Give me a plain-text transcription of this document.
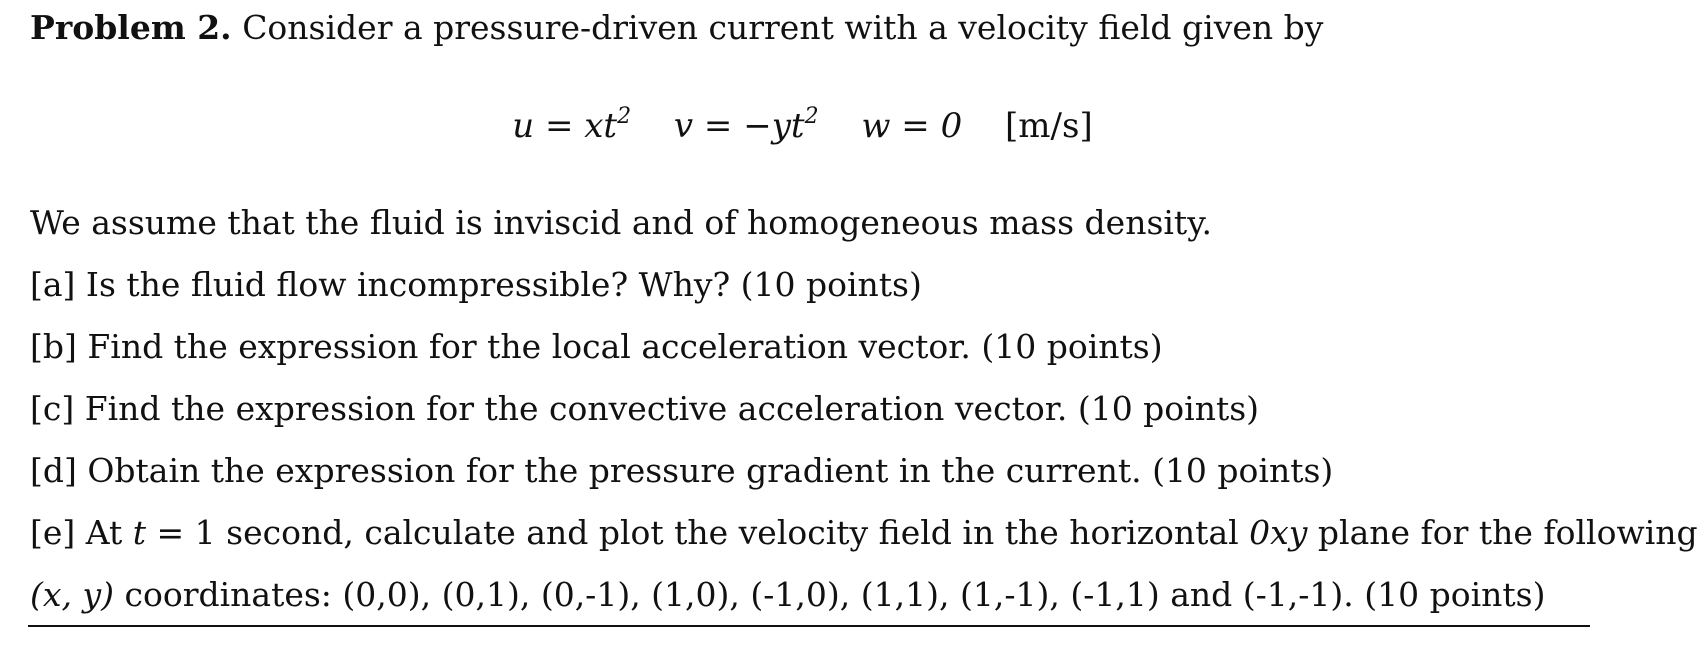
Problem 2. Consider a pressure-driven current with a velocity field given by
$u = xt^2$ $v = -yt^2$ w = 0 [m/s]
We assume that the fluid is inviscid and of homogeneous mass density.
[a] Is the fluid flow incompressible? Why? (10 points)
[b] Find the expression for the local acceleration vector. (10 points)
[c] Find the expression for the convective acceleration vector. (10 points)
[d] Obtain the expression for the pressure gradient in the current. (10 points)
[e] At t = 1 second, calculate and plot the velocity field in the horizontal 0xy plane for the following
(x, y) coordinates: (0,0), (0,1), (0,-1), (1,0), (-1,0), (1,1), (1,-1), (-1,1) and (-1,-1). (10 points)
